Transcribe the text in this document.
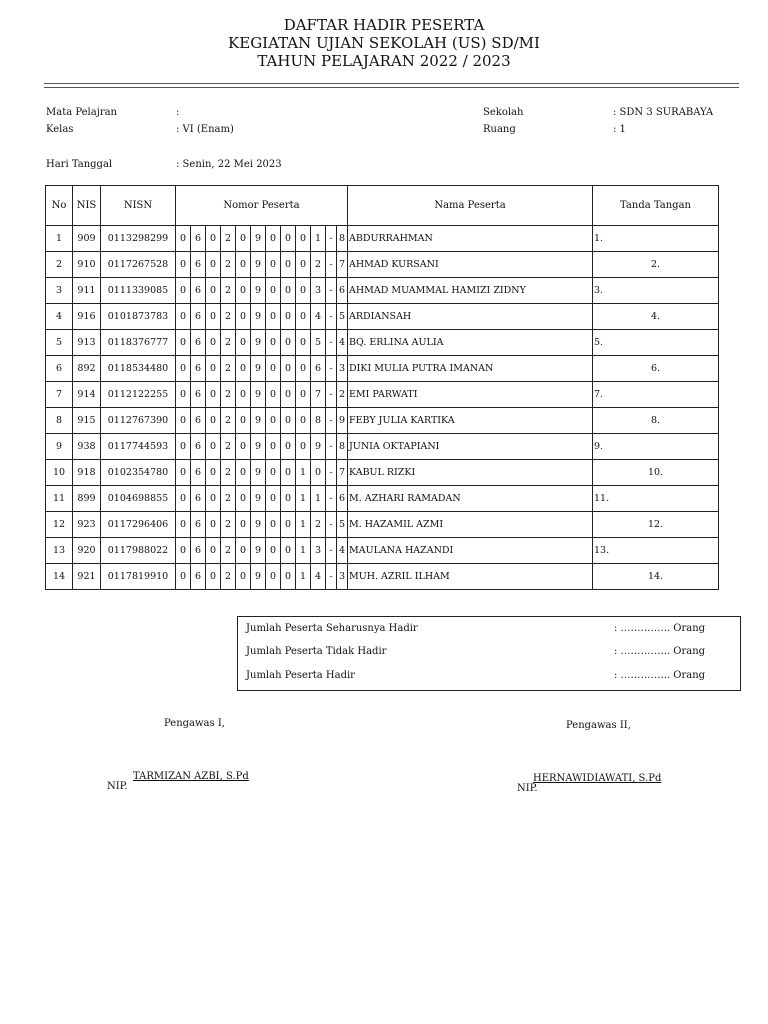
DAFTAR HADIR PESERTA
KEGIATAN UJIAN SEKOLAH (US) SD/MI
TAHUN PELAJARAN 2022 / 2023
Mata Pelajran	:
Kelas	: VI (Enam)
Hari Tanggal	: Senin, 22 Mei 2023
Sekolah	: SDN 3 SURABAYA
Ruang	: 1
No	NIS	NISN	Nomor Peserta												Nama Peserta	Tanda Tangan
1	909	0113298299	0	6	0	2	0	9	0	0	0	1	-	8	ABDURRAHMAN	1.
2	910	0117267528	0	6	0	2	0	9	0	0	0	2	-	7	AHMAD KURSANI	2.
3	911	0111339085	0	6	0	2	0	9	0	0	0	3	-	6	AHMAD MUAMMAL HAMIZI ZIDNY	3.
4	916	0101873783	0	6	0	2	0	9	0	0	0	4	-	5	ARDIANSAH	4.
5	913	0118376777	0	6	0	2	0	9	0	0	0	5	-	4	BQ. ERLINA AULIA	5.
6	892	0118534480	0	6	0	2	0	9	0	0	0	6	-	3	DIKI MULIA PUTRA IMANAN	6.
7	914	0112122255	0	6	0	2	0	9	0	0	0	7	-	2	EMI PARWATI	7.
8	915	0112767390	0	6	0	2	0	9	0	0	0	8	-	9	FEBY JULIA KARTIKA	8.
9	938	0117744593	0	6	0	2	0	9	0	0	0	9	-	8	JUNIA OKTAPIANI	9.
10	918	0102354780	0	6	0	2	0	9	0	0	1	0	-	7	KABUL RIZKI	10.
11	899	0104698855	0	6	0	2	0	9	0	0	1	1	-	6	M. AZHARI RAMADAN	11.
12	923	0117296406	0	6	0	2	0	9	0	0	1	2	-	5	M. HAZAMIL AZMI	12.
13	920	0117988022	0	6	0	2	0	9	0	0	1	3	-	4	MAULANA HAZANDI	13.
14	921	0117819910	0	6	0	2	0	9	0	0	1	4	-	3	MUH. AZRIL ILHAM	14.
Jumlah Peserta Seharusnya Hadir	: …………... Orang
Jumlah Peserta Tidak Hadir	: …………... Orang
Jumlah Peserta Hadir	: …………... Orang
Pengawas I,
TARMIZAN AZBI, S.Pd
NIP.
Pengawas II,
HERNAWIDIAWATI, S.Pd
NIP.
